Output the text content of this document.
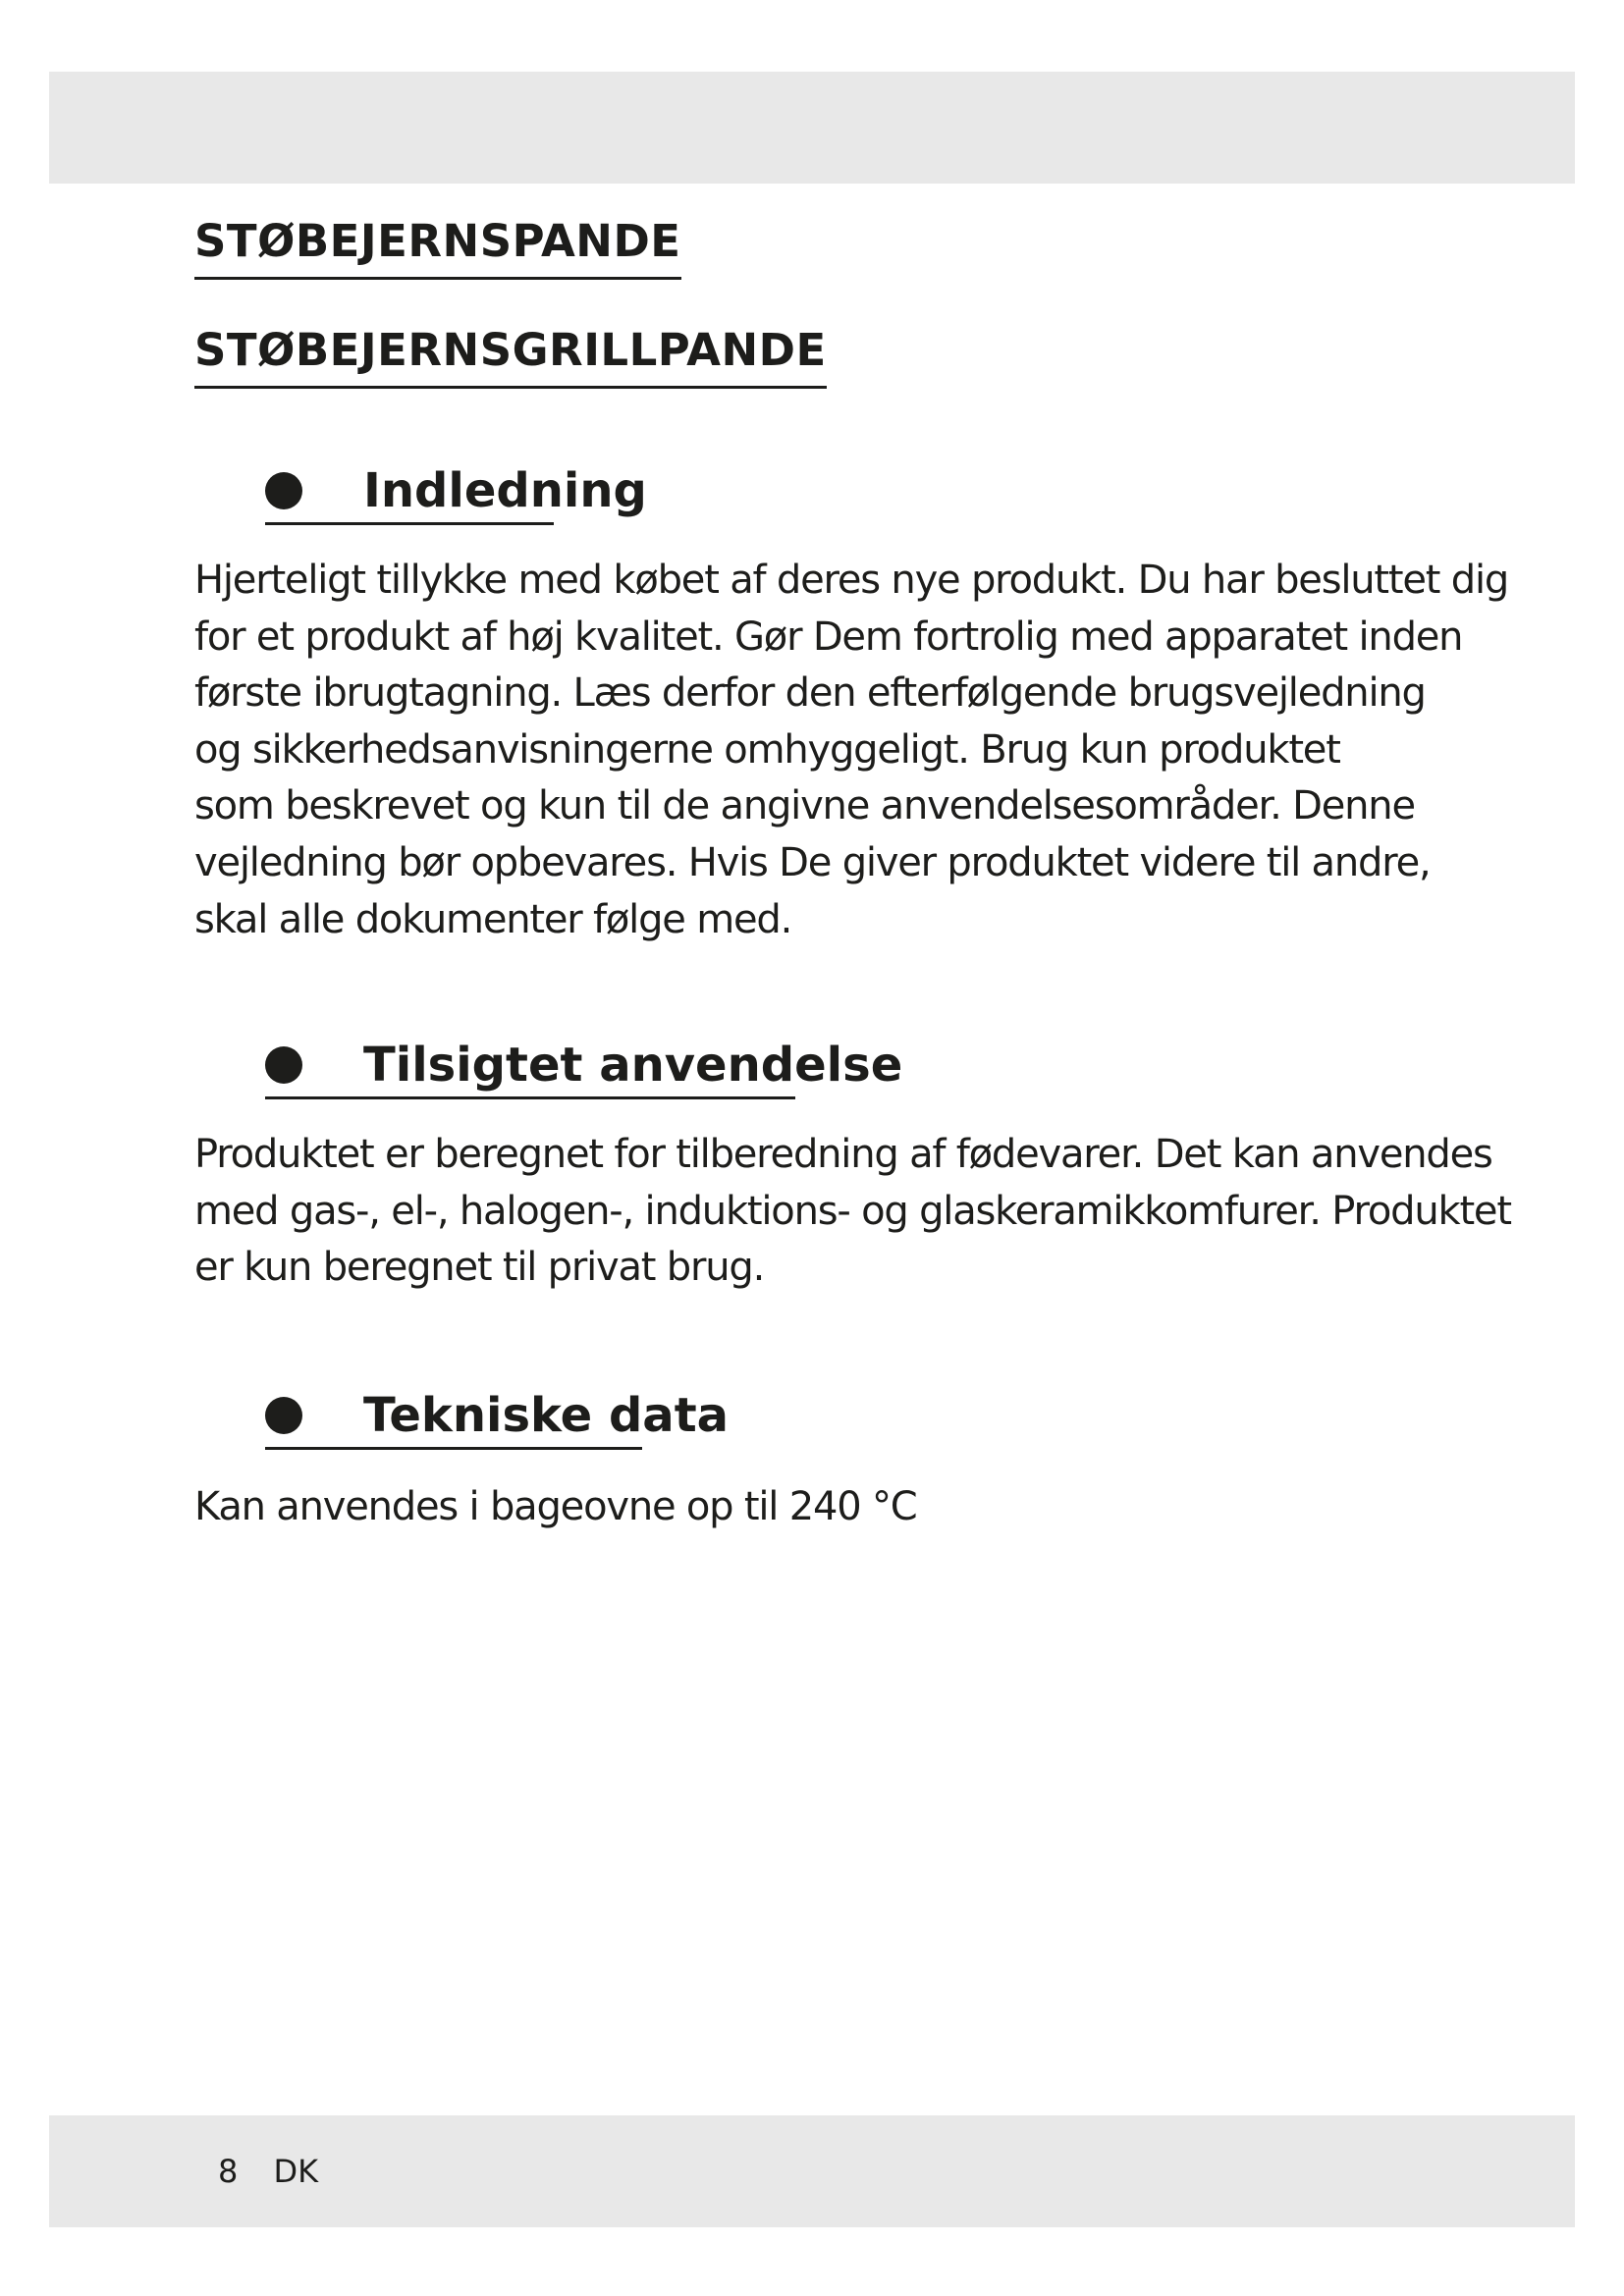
STØBEJERNSPANDE
STØBEJERNSGRILLPANDE
Indledning
Hjerteligt tillykke med købet af deres nye produkt. Du har besluttet dig
for et produkt af høj kvalitet. Gør Dem fortrolig med apparatet inden
første ibrugtagning. Læs derfor den efterfølgende brugsvejledning
og sikkerhedsanvisningerne omhyggeligt. Brug kun produktet
som beskrevet og kun til de angivne anvendelsesområder. Denne
vejledning bør opbevares. Hvis De giver produktet videre til andre,
skal alle dokumenter følge med.
Tilsigtet anvendelse
Produktet er beregnet for tilberedning af fødevarer. Det kan anvendes
med gas-, el-, halogen-, induktions- og glaskeramikkomfurer. Produktet
er kun beregnet til privat brug.
Tekniske data
Kan anvendes i bageovne op til 240 °C
8 DK
